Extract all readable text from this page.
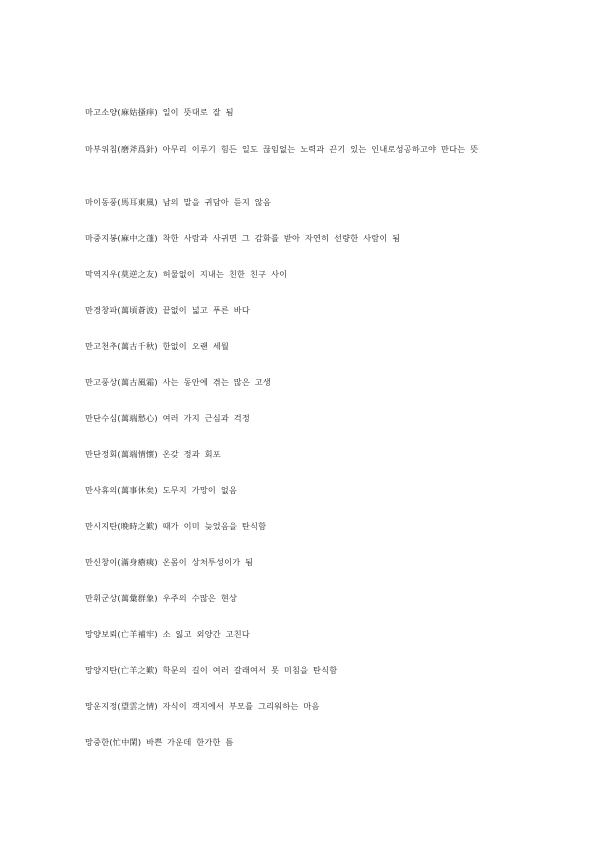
마고소양(麻姑搔痒) 일이 뜻대로 잘 됨
마부위침(磨斧爲針) 아무리 이루기 힘든 일도 끊임없는 노력과 끈기 있는 인내로성공하고야 만다는 뜻
마이동풍(馬耳東風) 남의 말을 귀담아 듣지 않음
마중지봉(麻中之蓬) 착한 사람과 사귀면 그 감화를 받아 자연히 선량한 사람이 됨
막역지우(莫逆之友) 허물없이 지내는 친한 친구 사이
만경창파(萬頃蒼波) 끝없이 넓고 푸른 바다
만고천추(萬古千秋) 한없이 오랜 세월
만고풍상(萬古風霜) 사는 동안에 겪는 많은 고생
만단수심(萬端愁心) 여러 가지 근심과 걱정
만단정회(萬端情懷) 온갖 정과 회포
만사휴의(萬事休矣) 도무지 가망이 없음
만시지탄(晩時之歎) 때가 이미 늦었음을 탄식함
만신창이(滿身瘡痍) 온몸이 상처투성이가 됨
만휘군상(萬彙群象) 우주의 수많은 현상
망양보뢰(亡羊補牢) 소 잃고 외양간 고친다
망양지탄(亡羊之歎) 학문의 길이 여러 갈래여서 못 미침을 탄식함
망운지정(望雲之情) 자식이 객지에서 부모를 그리워하는 마음
망중한(忙中閑) 바쁜 가운데 한가한 틈
